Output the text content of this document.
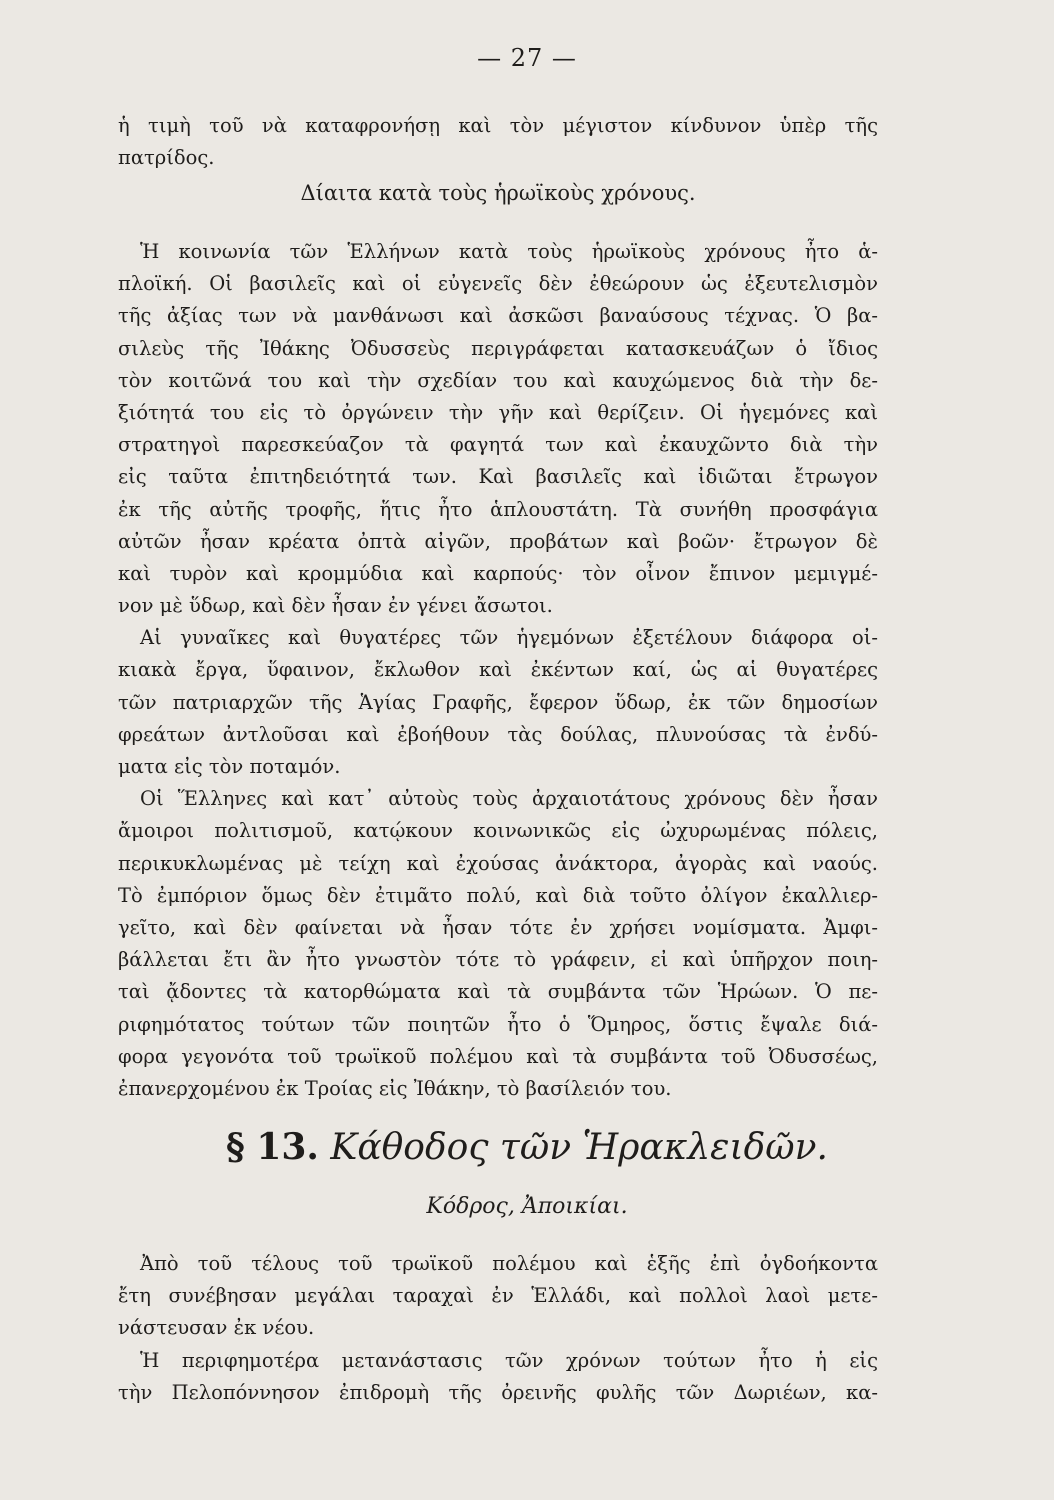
— 27 —
ἡ τιμὴ τοῦ νὰ καταφρονήσῃ καὶ τὸν μέγιστον κίνδυνον ὑπὲρ τῆς
πατρίδος.
Δίαιτα κατὰ τοὺς ἡρωϊκοὺς χρόνους.
Ἡ κοινωνία τῶν Ἑλλήνων κατὰ τοὺς ἡρωϊκοὺς χρόνους ἦτο ἁ-
πλοϊκή. Οἱ βασιλεῖς καὶ οἱ εὐγενεῖς δὲν ἐθεώρουν ὡς ἐξευτελισμὸν
τῆς ἀξίας των νὰ μανθάνωσι καὶ ἀσκῶσι βαναύσους τέχνας. Ὁ βα-
σιλεὺς τῆς Ἰθάκης Ὀδυσσεὺς περιγράφεται κατασκευάζων ὁ ἴδιος
τὸν κοιτῶνά του καὶ τὴν σχεδίαν του καὶ καυχώμενος διὰ τὴν δε-
ξιότητά του εἰς τὸ ὀργώνειν τὴν γῆν καὶ θερίζειν. Οἱ ἡγεμόνες καὶ
στρατηγοὶ παρεσκεύαζον τὰ φαγητά των καὶ ἐκαυχῶντο διὰ τὴν
εἰς ταῦτα ἐπιτηδειότητά των. Καὶ βασιλεῖς καὶ ἰδιῶται ἔτρωγον
ἐκ τῆς αὐτῆς τροφῆς, ἥτις ἦτο ἁπλουστάτη. Τὰ συνήθη προσφάγια
αὐτῶν ἦσαν κρέατα ὀπτὰ αἰγῶν, προβάτων καὶ βοῶν· ἔτρωγον δὲ
καὶ τυρὸν καὶ κρομμύδια καὶ καρπούς· τὸν οἶνον ἔπινον μεμιγμέ-
νον μὲ ὕδωρ, καὶ δὲν ἦσαν ἐν γένει ἄσωτοι.
Αἱ γυναῖκες καὶ θυγατέρες τῶν ἡγεμόνων ἐξετέλουν διάφορα οἰ-
κιακὰ ἔργα, ὕφαινον, ἔκλωθον καὶ ἐκέντων καί, ὡς αἱ θυγατέρες
τῶν πατριαρχῶν τῆς Ἁγίας Γραφῆς, ἔφερον ὕδωρ, ἐκ τῶν δημοσίων
φρεάτων ἀντλοῦσαι καὶ ἐβοήθουν τὰς δούλας, πλυνούσας τὰ ἐνδύ-
ματα εἰς τὸν ποταμόν.
Οἱ Ἕλληνες καὶ κατ᾽ αὐτοὺς τοὺς ἀρχαιοτάτους χρόνους δὲν ἦσαν
ἄμοιροι πολιτισμοῦ, κατῴκουν κοινωνικῶς εἰς ὠχυρωμένας πόλεις,
περικυκλωμένας μὲ τείχη καὶ ἐχούσας ἀνάκτορα, ἀγορὰς καὶ ναούς.
Τὸ ἐμπόριον ὅμως δὲν ἐτιμᾶτο πολύ, καὶ διὰ τοῦτο ὀλίγον ἐκαλλιερ-
γεῖτο, καὶ δὲν φαίνεται νὰ ἦσαν τότε ἐν χρήσει νομίσματα. Ἀμφι-
βάλλεται ἔτι ἂν ἦτο γνωστὸν τότε τὸ γράφειν, εἰ καὶ ὑπῆρχον ποιη-
ταὶ ᾄδοντες τὰ κατορθώματα καὶ τὰ συμβάντα τῶν Ἡρώων. Ὁ πε-
ριφημότατος τούτων τῶν ποιητῶν ἦτο ὁ Ὅμηρος, ὅστις ἔψαλε διά-
φορα γεγονότα τοῦ τρωϊκοῦ πολέμου καὶ τὰ συμβάντα τοῦ Ὀδυσσέως,
ἐπανερχομένου ἐκ Τροίας εἰς Ἰθάκην, τὸ βασίλειόν του.
§ 13. Κάθοδος τῶν Ἡρακλειδῶν.
Κόδρος, Ἀποικίαι.
Ἀπὸ τοῦ τέλους τοῦ τρωϊκοῦ πολέμου καὶ ἑξῆς ἐπὶ ὀγδοήκοντα
ἔτη συνέβησαν μεγάλαι ταραχαὶ ἐν Ἑλλάδι, καὶ πολλοὶ λαοὶ μετε-
νάστευσαν ἐκ νέου.
Ἡ περιφημοτέρα μετανάστασις τῶν χρόνων τούτων ἦτο ἡ εἰς
τὴν Πελοπόννησον ἐπιδρομὴ τῆς ὀρεινῆς φυλῆς τῶν Δωριέων, κα-
